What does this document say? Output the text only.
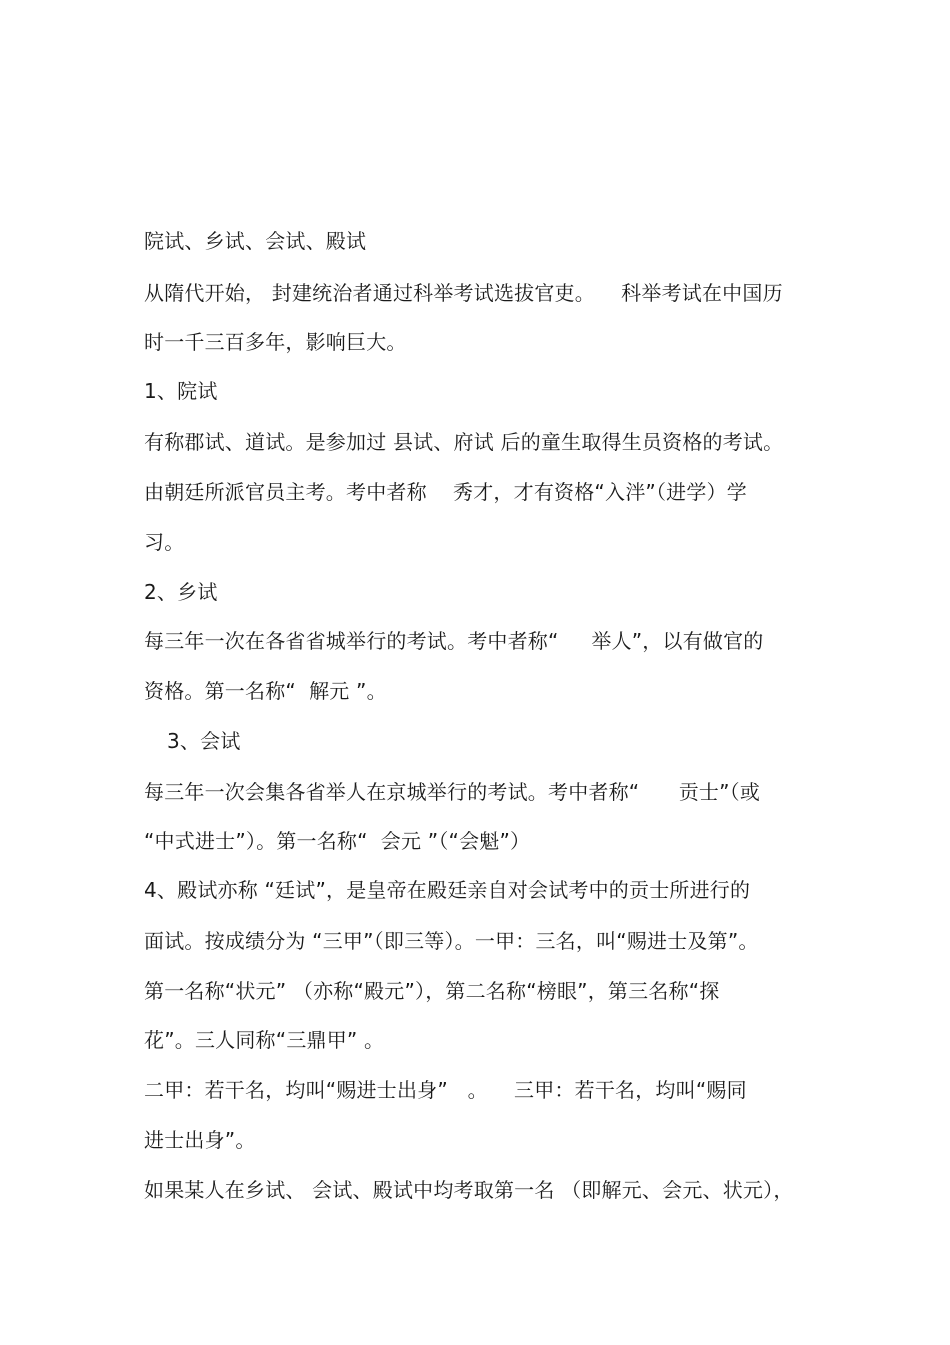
院试、乡试、会试、殿试
从隋代开始， 封建统治者通过科举考试选拔官吏。    科举考试在中国历
时一千三百多年，影响巨大。
1、院试
有称郡试、道试。是参加过 县试、府试 后的童生取得生员资格的考试。
由朝廷所派官员主考。考中者称    秀才，才有资格“入泮”（进学）学
习。
2、乡试
每三年一次在各省省城举行的考试。考中者称“     举人”，以有做官的
资格。第一名称“  解元 ”。
3、会试
每三年一次会集各省举人在京城举行的考试。考中者称“      贡士”（或
“中式进士”）。第一名称“  会元 ”（“会魁”）
4、殿试亦称 “廷试”，是皇帝在殿廷亲自对会试考中的贡士所进行的
面试。按成绩分为 “三甲”（即三等）。一甲：三名，叫“赐进士及第”。
第一名称“状元” （亦称“殿元”），第二名称“榜眼”，第三名称“探
花”。三人同称“三鼎甲” 。
二甲：若干名，均叫“赐进士出身”   。    三甲：若干名，均叫“赐同
进士出身”。
如果某人在乡试、 会试、殿试中均考取第一名 （即解元、会元、状元），
